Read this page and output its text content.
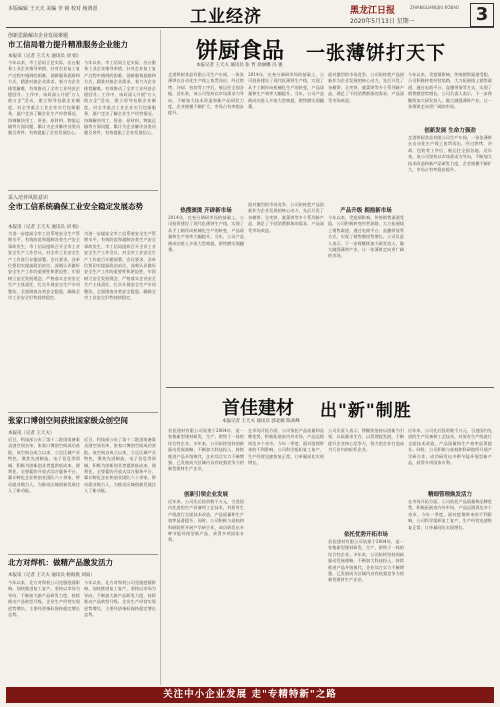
本版编辑 王天夫 美编 李 铭 校对 杨鸿恩	工业经济	黑龙江日报	ZHIANGLIANGJIU ROBAO
2020年5月13日 星期一	3
创新思路解决企业发展难题
市工信局着力提升精准服务企业能力
本报讯（记者 王天夫 通讯员 刘 娟）
今年以来，市工信局立足实际，出台服务工业企业指导举措，针对企业复工复产过程中遇到的困难，创新服务思路和方式，精准对接企业需求，着力为企业排忧解难，有效推动了全市工业经济企稳回升。工作中，该局深入开展"万人助万企"活动，建立领导包联企业制度，对全市重点工业企业实行包保服务，逐户走访了解企业生产经营情况，协调解决用工、资金、原材料、物流运输等方面问题，累计为企业解决各类问题百余件，有效提振了企业发展信心。
今年以来，市工信局立足实际，出台服务工业企业指导举措，针对企业复工复产过程中遇到的困难，创新服务思路和方式，精准对接企业需求，着力为企业排忧解难，有效推动了全市工业经济企稳回升。工作中，该局深入开展"万人助万企"活动，建立领导包联企业制度，对全市重点工业企业实行包保服务，逐户走访了解企业生产经营情况，协调解决用工、资金、原材料、物流运输等方面问题，累计为企业解决各类问题百余件，有效提振了企业发展信心。
采入培养风险意识
全市工信系统确保工业安全稳定发展态势
本报讯（记者 王天夫 通讯员 刘 娟）
为进一步提高全市工信系统安全生产管理水平，有效防范和遏制各类生产安全事故发生，市工信局组织召开全市工业安全生产工作会议，对全市工业安全生产工作进行专题部署。会议要求，各单位要切实提高政治站位，深刻认识做好安全生产工作的重要性和紧迫性，牢固树立安全发展理念，严格落实企业安全生产主体责任，扎实开展安全生产专项整治，全面排查各类安全隐患，确保全市工业安全形势持续稳定。
为进一步提高全市工信系统安全生产管理水平，有效防范和遏制各类生产安全事故发生，市工信局组织召开全市工业安全生产工作会议，对全市工业安全生产工作进行专题部署。会议要求，各单位要切实提高政治站位，深刻认识做好安全生产工作的重要性和紧迫性，牢固树立安全发展理念，严格落实企业安全生产主体责任，扎实开展安全生产专项整治，全面排查各类安全隐患，确保全市工业安全形势持续稳定。
张家口博创空间获批国家级众创空间
本报讯（记者 王天夫）
近日，科技部公布了第十二批国家备案众创空间名单，张家口博创空间成功获批。该空间自成立以来，立足区域产业特色，聚焦先进制造、电子信息等领域，积极为创新创业者提供低成本、便利化、全要素的开放式综合服务平台，累计孵化企业和创业团队六十余家，带动就业数百人，为推动区域创新发展注入了新动能。
近日，科技部公布了第十二批国家备案众创空间名单，张家口博创空间成功获批。该空间自成立以来，立足区域产业特色，聚焦先进制造、电子信息等领域，积极为创新创业者提供低成本、便利化、全要素的开放式综合服务平台，累计孵化企业和创业团队六十余家，带动就业数百人，为推动区域创新发展注入了新动能。
北方对焊机：做精产品激发活力
本报讯（记者 王天夫 通讯员 杨海燕 刘雨）
今年以来，北方对焊机公司克服疫情影响，加快推进复工复产，坚持以市场为导向，不断加大新产品研发力度，持续推动产品转型升级，企业生产经营实现逆势增长，主要经济指标保持稳定增长态势。
今年以来，北方对焊机公司克服疫情影响，加快推进复工复产，坚持以市场为导向，不断加大新产品研发力度，持续推动产品转型升级，企业生产经营实现逆势增长，主要经济指标保持稳定增长态势。
饼厨食品 一张薄饼打天下
本报记者 王天夫 通讯员 张 哲 徐丽娜 冯 强
走进饼厨食品有限公司生产车间，一张张薄饼在自动化生产线上鱼贯而出，经过烘烤、冷却、包装等工序后，被运往全国各地。近年来，该公司坚持以市场需求为导向，不断加大技术改造和新产品研发力度，企业规模不断扩大，市场占有率稳步提升。
2014年，在充分调研市场的基础上，公司投资建设了现代化薄饼生产线，实现了从手工制作向机械化生产的转变，产品质量和生产效率大幅提升。当年，公司产品便成功进入多家大型商超，销售额实现翻番。
面对激烈的市场竞争，公司始终把产品创新作为企业发展的核心动力，先后开发了杂粮饼、全麦饼、菠菜饼等多个系列新产品，满足了不同消费群体的需求，产品深受市场欢迎。
今年以来，受疫情影响，传统销售渠道受阻，公司积极转变经营思路，大力拓展线上销售渠道，通过电商平台、直播带货等方式，实现了销售额逆势增长。公司负责人表示，下一步将继续加大研发投入，做大做强薄饼产业，让一张薄饼走向更广阔的市场。
热搜滚烫 开辟新市场
2014年，在充分调研市场的基础上，公司投资建设了现代化薄饼生产线，实现了从手工制作向机械化生产的转变，产品质量和生产效率大幅提升。当年，公司产品便成功进入多家大型商超，销售额实现翻番。
面对激烈的市场竞争，公司始终把产品创新作为企业发展的核心动力，先后开发了杂粮饼、全麦饼、菠菜饼等多个系列新产品，满足了不同消费群体的需求，产品深受市场欢迎。
产品升级 拥抱新市场
今年以来，受疫情影响，传统销售渠道受阻，公司积极转变经营思路，大力拓展线上销售渠道，通过电商平台、直播带货等方式，实现了销售额逆势增长。公司负责人表示，下一步将继续加大研发投入，做大做强薄饼产业，让一张薄饼走向更广阔的市场。
创新发展 生命力强劲
走进饼厨食品有限公司生产车间，一张张薄饼在自动化生产线上鱼贯而出，经过烘烤、冷却、包装等工序后，被运往全国各地。近年来，该公司坚持以市场需求为导向，不断加大技术改造和新产品研发力度，企业规模不断扩大，市场占有率稳步提升。
首佳建材 出"新"制胜
本报记者 王天夫 通讯员 郭北雁 陈高峰
首佳建材有限公司始建于2004年，是一家集新型建材研发、生产、销售于一体的综合性企业。多年来，公司始终坚持创新驱动发展战略，不断加大科技投入，持续推进产品升级换代，企业综合实力不断增强，已发展成为区域内具有较强竞争力的新型建材生产企业。
创新引领企业发展
近年来，公司先后投资数千万元，引进国内先进的生产设备和工艺技术，对原有生产线进行全面技术改造，产品质量和生产效率显著提升。同时，公司积极与高校和科研院所开展产学研合作，成功研发出多种节能环保型新产品，获得多项国家专利。
在市场开拓方面，公司依托产品质量和品牌优势，积极拓展省内外市场，产品远销周边多个省市。今年一季度，面对疫情带来的不利影响，公司科学组织复工复产，生产经营迅速恢复正常，订单量同比实现增长。
公司负责人表示，将继续坚持以创新为引领，以质量求生存，以管理促发展，不断提升企业核心竞争力，努力把企业打造成为行业内的标杆企业。
依托优势开拓市场
首佳建材有限公司始建于2004年，是一家集新型建材研发、生产、销售于一体的综合性企业。多年来，公司始终坚持创新驱动发展战略，不断加大科技投入，持续推进产品升级换代，企业综合实力不断增强，已发展成为区域内具有较强竞争力的新型建材生产企业。
近年来，公司先后投资数千万元，引进国内先进的生产设备和工艺技术，对原有生产线进行全面技术改造，产品质量和生产效率显著提升。同时，公司积极与高校和科研院所开展产学研合作，成功研发出多种节能环保型新产品，获得多项国家专利。
精细管理焕发活力
在市场开拓方面，公司依托产品质量和品牌优势，积极拓展省内外市场，产品远销周边多个省市。今年一季度，面对疫情带来的不利影响，公司科学组织复工复产，生产经营迅速恢复正常，订单量同比实现增长。
关注中小企业发展 走"专精特新"之路
